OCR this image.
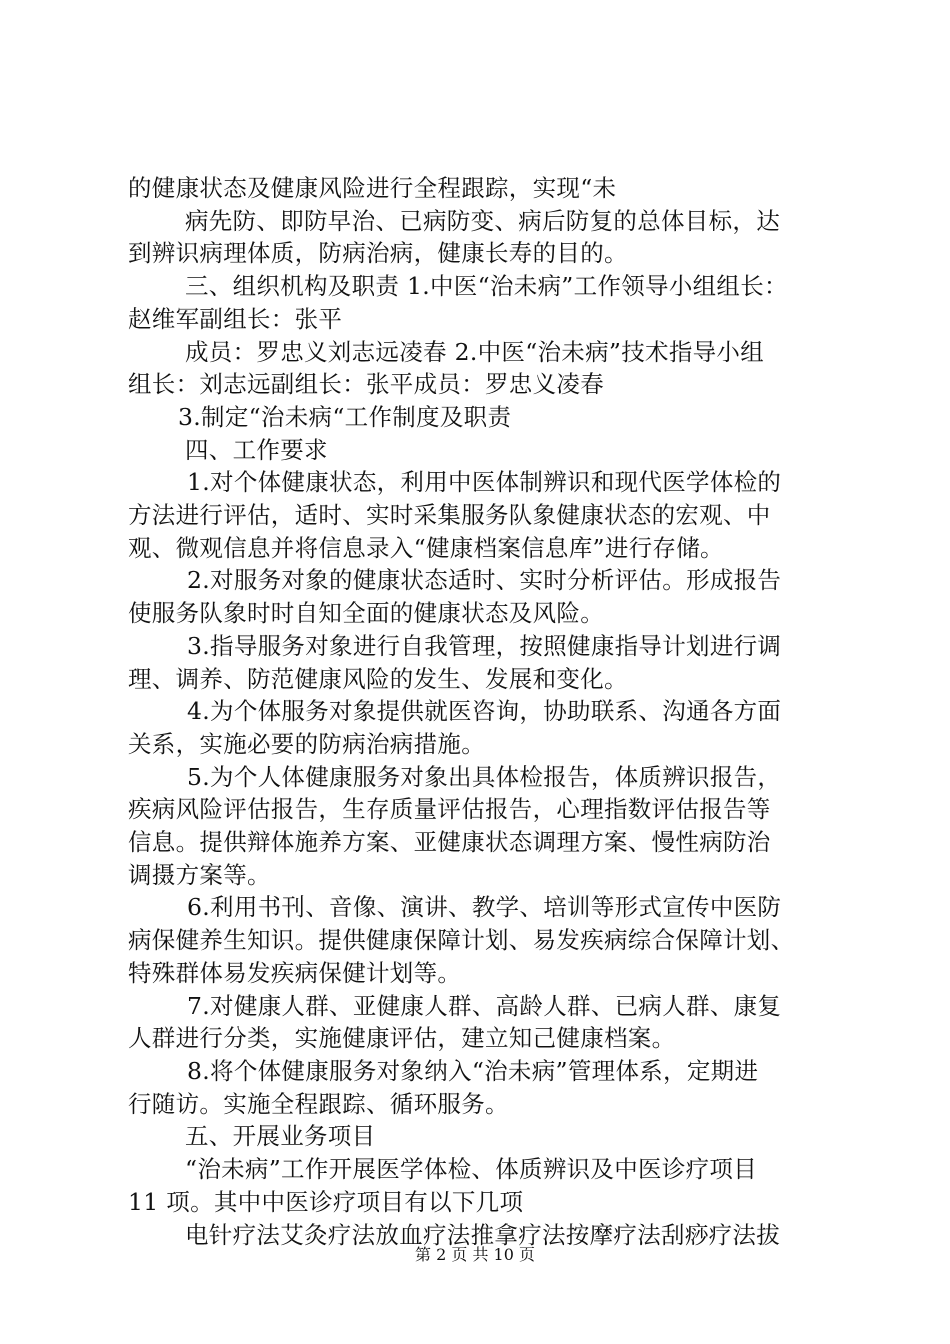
的健康状态及健康风险进行全程跟踪，实现“未
病先防、即防早治、已病防变、病后防复的总体目标，达
到辨识病理体质，防病治病，健康长寿的目的。
三、组织机构及职责 1.中医“治未病”工作领导小组组长：
赵维军副组长：张平
成员：罗忠义刘志远凌春 2.中医“治未病”技术指导小组
组长：刘志远副组长：张平成员：罗忠义凌春
3.制定“治未病“工作制度及职责
四、工作要求
1.对个体健康状态，利用中医体制辨识和现代医学体检的
方法进行评估，适时、实时采集服务队象健康状态的宏观、中
观、微观信息并将信息录入“健康档案信息库”进行存储。
2.对服务对象的健康状态适时、实时分析评估。形成报告
使服务队象时时自知全面的健康状态及风险。
3.指导服务对象进行自我管理，按照健康指导计划进行调
理、调养、防范健康风险的发生、发展和变化。
4.为个体服务对象提供就医咨询，协助联系、沟通各方面
关系，实施必要的防病治病措施。
5.为个人体健康服务对象出具体检报告，体质辨识报告，
疾病风险评估报告，生存质量评估报告，心理指数评估报告等
信息。提供辩体施养方案、亚健康状态调理方案、慢性病防治
调摄方案等。
6.利用书刊、音像、演讲、教学、培训等形式宣传中医防
病保健养生知识。提供健康保障计划、易发疾病综合保障计划、
特殊群体易发疾病保健计划等。
7.对健康人群、亚健康人群、高龄人群、已病人群、康复
人群进行分类，实施健康评估，建立知己健康档案。
8.将个体健康服务对象纳入“治未病”管理体系，定期进
行随访。实施全程跟踪、循环服务。
五、开展业务项目
“治未病”工作开展医学体检、体质辨识及中医诊疗项目
11 项。其中中医诊疗项目有以下几项
电针疗法艾灸疗法放血疗法推拿疗法按摩疗法刮痧疗法拔
第 2 页 共 10 页
